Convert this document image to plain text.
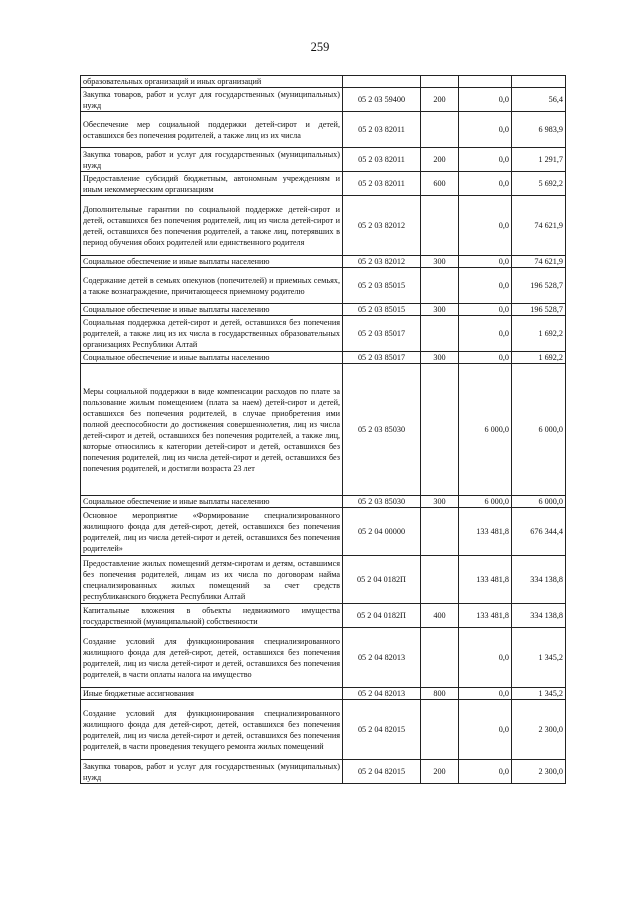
259
образовательных организаций и иных организаций				
Закупка товаров, работ и услуг для государственных (муниципальных) нужд	05 2 03 59400	200	0,0	56,4
Обеспечение мер социальной поддержки детей-сирот и детей, оставшихся без попечения родителей, а также лиц из их числа	05 2 03 82011		0,0	6 983,9
Закупка товаров, работ и услуг для государственных (муниципальных) нужд	05 2 03 82011	200	0,0	1 291,7
Предоставление субсидий бюджетным, автономным учреждениям и иным некоммерческим организациям	05 2 03 82011	600	0,0	5 692,2
Дополнительные гарантии по социальной поддержке детей-сирот и детей, оставшихся без попечения родителей, лиц из числа детей-сирот и детей, оставшихся без попечения родителей, а также лиц, потерявших в период обучения обоих родителей или единственного родителя	05 2 03 82012		0,0	74 621,9
Социальное обеспечение и иные выплаты населению	05 2 03 82012	300	0,0	74 621,9
Содержание детей в семьях опекунов (попечителей) и приемных семьях, а также вознаграждение, причитающееся приемному родителю	05 2 03 85015		0,0	196 528,7
Социальное обеспечение и иные выплаты населению	05 2 03 85015	300	0,0	196 528,7
Социальная поддержка детей-сирот и детей, оставшихся без попечения родителей, а также лиц из их числа в государственных образовательных организациях Республики Алтай	05 2 03 85017		0,0	1 692,2
Социальное обеспечение и иные выплаты населению	05 2 03 85017	300	0,0	1 692,2
Меры социальной поддержки в виде компенсации расходов по плате за пользование жилым помещением (плата за наем) детей-сирот и детей, оставшихся без попечения родителей, в случае приобретения ими полной дееспособности до достижения совершеннолетия, лиц из числа детей-сирот и детей, оставшихся без попечения родителей, а также лиц, которые относились к категории детей-сирот и детей, оставшихся без попечения родителей, лиц из числа детей-сирот и детей, оставшихся без попечения родителей, и достигли возраста 23 лет	05 2 03 85030		6 000,0	6 000,0
Социальное обеспечение и иные выплаты населению	05 2 03 85030	300	6 000,0	6 000,0
Основное мероприятие «Формирование специализированного жилищного фонда для детей-сирот, детей, оставшихся без попечения родителей, лиц из числа детей-сирот и детей, оставшихся без попечения родителей»	05 2 04 00000		133 481,8	676 344,4
Предоставление жилых помещений детям-сиротам и детям, оставшимся без попечения родителей, лицам из их числа по договорам найма специализированных жилых помещений за счет средств республиканского бюджета Республики Алтай	05 2 04 0182П		133 481,8	334 138,8
Капитальные вложения в объекты недвижимого имущества государственной (муниципальной) собственности	05 2 04 0182П	400	133 481,8	334 138,8
Создание условий для функционирования специализированного жилищного фонда для детей-сирот, детей, оставшихся без попечения родителей, лиц из числа детей-сирот и детей, оставшихся без попечения родителей, в части оплаты налога на имущество	05 2 04 82013		0,0	1 345,2
Иные бюджетные ассигнования	05 2 04 82013	800	0,0	1 345,2
Создание условий для функционирования специализированного жилищного фонда для детей-сирот, детей, оставшихся без попечения родителей, лиц из числа детей-сирот и детей, оставшихся без попечения родителей, в части проведения текущего ремонта жилых помещений	05 2 04 82015		0,0	2 300,0
Закупка товаров, работ и услуг для государственных (муниципальных) нужд	05 2 04 82015	200	0,0	2 300,0
